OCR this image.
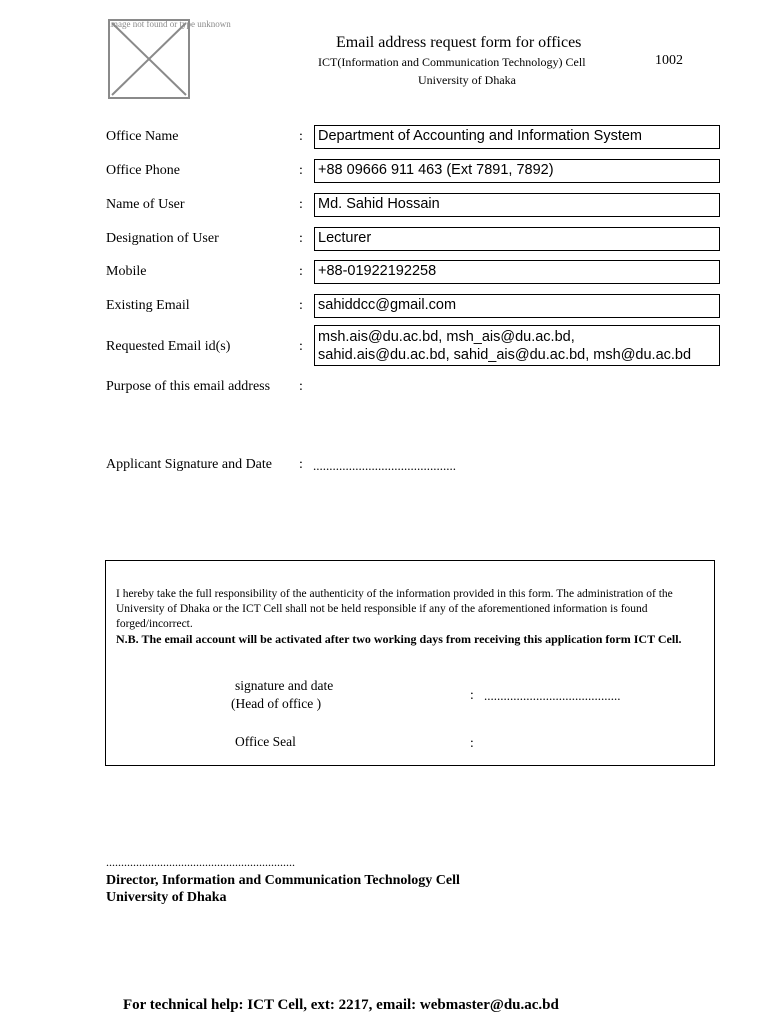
Image not found or type unknown
Email address request form for offices
ICT(Information and Communication Technology) Cell
University of Dhaka
1002
Office Name	: Department of Accounting and Information System
Office Phone	: +88 09666 911 463 (Ext 7891, 7892)
Name of User	: Md. Sahid Hossain
Designation of User	: Lecturer
Mobile	: +88-01922192258
Existing Email	: sahiddcc@gmail.com
Requested Email id(s)	:
msh.ais@du.ac.bd, msh_ais@du.ac.bd,
sahid.ais@du.ac.bd, sahid_ais@du.ac.bd, msh@du.ac.bd
Purpose of this email address :
Applicant Signature and Date : ............................................
I hereby take the full responsibility of the authenticity of the information provided in this form. The administration of the University of Dhaka or the ICT Cell shall not be held responsible if any of the aforementioned information is found forged/incorrect.
N.B. The email account will be activated after two working days from receiving this application form ICT Cell.
signature and date
(Head of office )
: ..........................................
Office Seal	:
...............................................................
Director, Information and Communication Technology Cell
University of Dhaka
For technical help: ICT Cell, ext: 2217, email: webmaster@du.ac.bd
